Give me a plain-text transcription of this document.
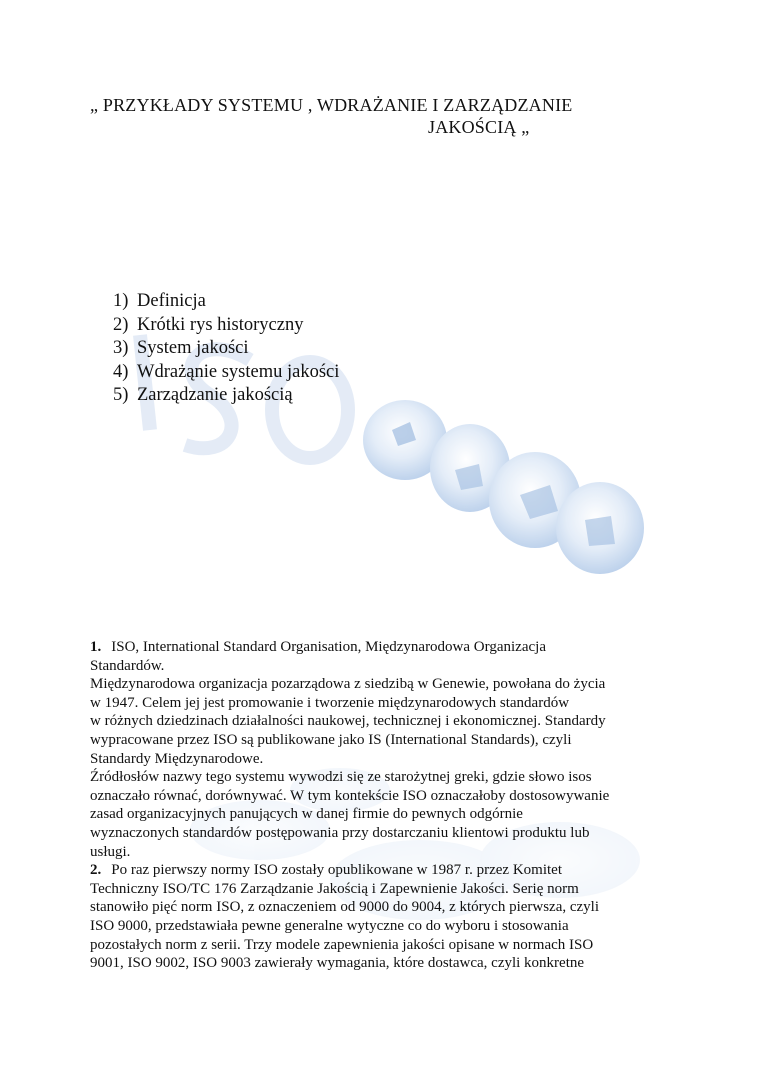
„ PRZYKŁADY SYSTEMU , WDRAŻANIE I ZARZĄDZANIE
JAKOŚCIĄ „
1) Definicja
2) Krótki rys historyczny
3) System jakości
4) Wdrażąnie systemu jakości
5) Zarządzanie jakością

1. ISO, International Standard Organisation, Międzynarodowa Organizacja

Standardów.

Międzynarodowa organizacja pozarządowa z siedzibą w Genewie, powołana do życia

w 1947. Celem jej jest promowanie i tworzenie międzynarodowych standardów

w różnych dziedzinach działalności naukowej, technicznej i ekonomicznej. Standardy

wypracowane przez ISO są publikowane jako IS (International Standards), czyli

Standardy Międzynarodowe.

Źródłosłów nazwy tego systemu wywodzi się ze starożytnej greki, gdzie słowo isos

oznaczało równać, dorównywać. W tym kontekście ISO oznaczałoby dostosowywanie

zasad organizacyjnych panujących w danej firmie do pewnych odgórnie

wyznaczonych standardów postępowania przy dostarczaniu klientowi produktu lub

usługi.

2. Po raz pierwszy normy ISO zostały opublikowane w 1987 r. przez Komitet

Techniczny ISO/TC 176 Zarządzanie Jakością i Zapewnienie Jakości. Serię norm

stanowiło pięć norm ISO, z oznaczeniem od 9000 do 9004, z których pierwsza, czyli

ISO 9000, przedstawiała pewne generalne wytyczne co do wyboru i stosowania

pozostałych norm z serii. Trzy modele zapewnienia jakości opisane w normach ISO

9001, ISO 9002, ISO 9003 zawierały wymagania, które dostawca, czyli konkretne
